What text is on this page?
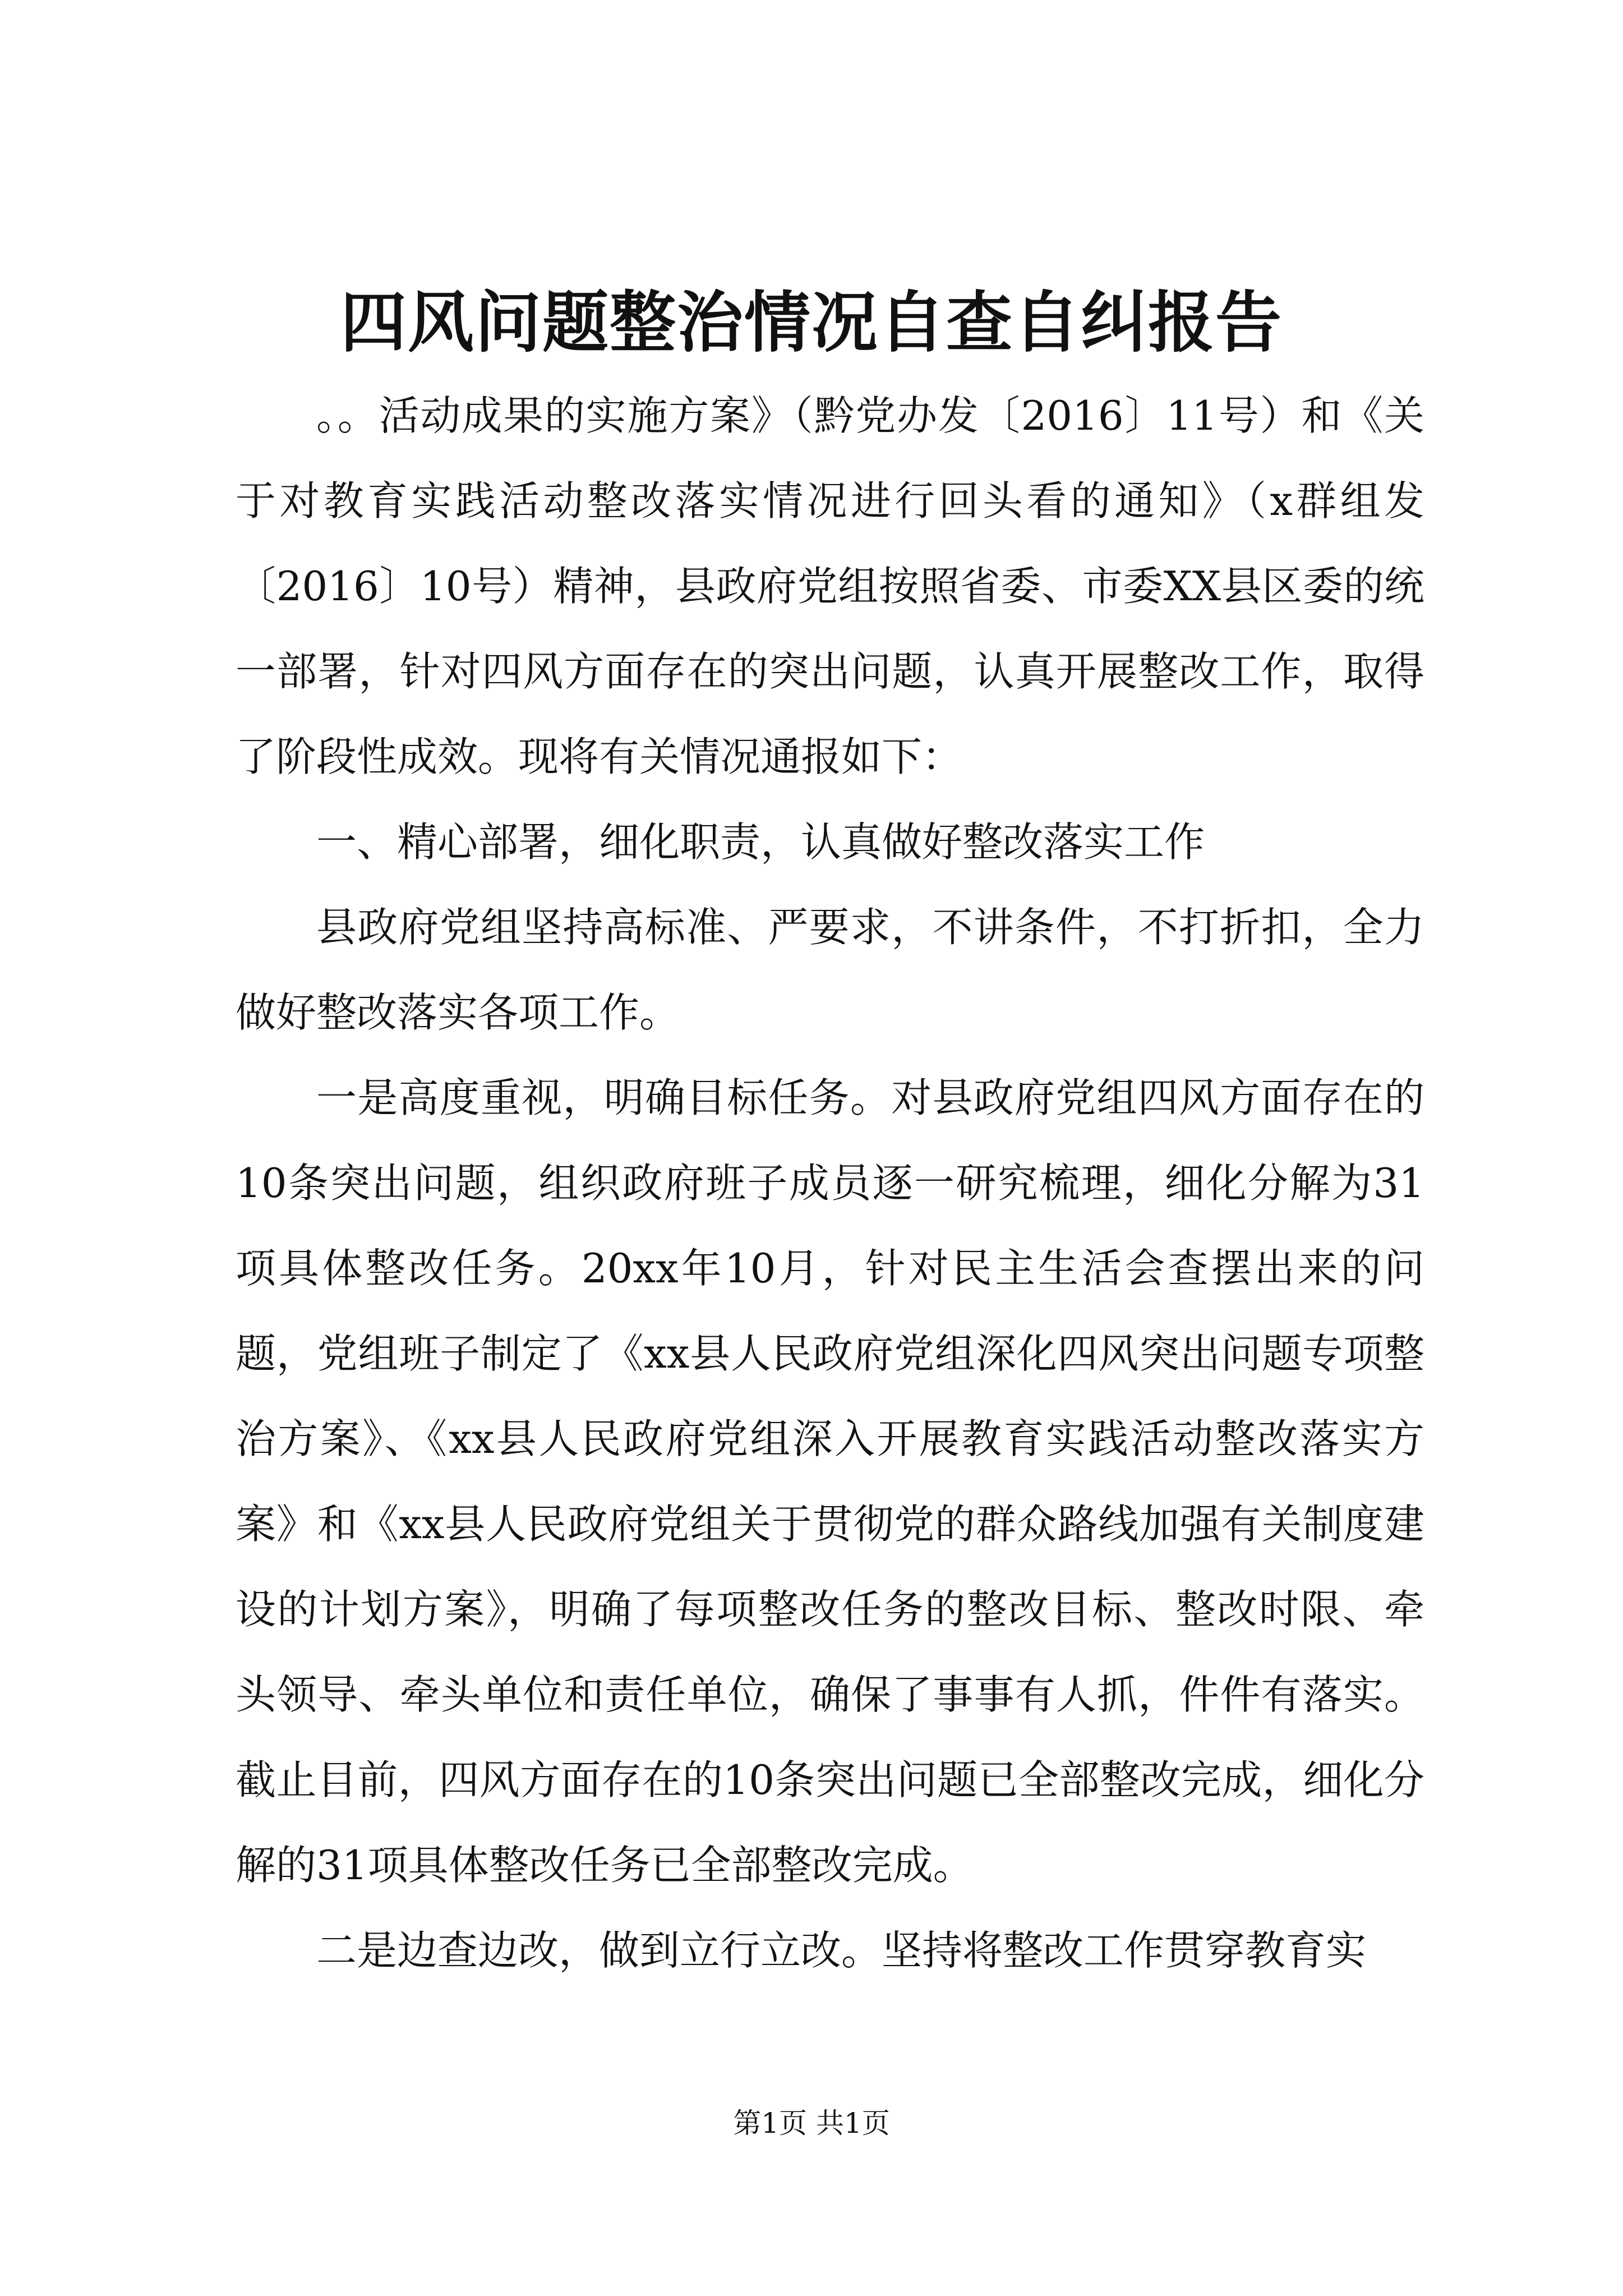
四风问题整治情况自查自纠报告

。。活动成果的实施方案》（黔党办发〔2016〕11号）和《关于对教育实践活动整改落实情况进行回头看的通知》（x群组发〔2016〕10号）精神，县政府党组按照省委、市委XX县区委的统一部署，针对四风方面存在的突出问题，认真开展整改工作，取得了阶段性成效。现将有关情况通报如下：

一、精心部署，细化职责，认真做好整改落实工作

县政府党组坚持高标准、严要求，不讲条件，不打折扣，全力做好整改落实各项工作。

一是高度重视，明确目标任务。对县政府党组四风方面存在的10条突出问题，组织政府班子成员逐一研究梳理，细化分解为31项具体整改任务。20xx年10月，针对民主生活会查摆出来的问题，党组班子制定了《xx县人民政府党组深化四风突出问题专项整治方案》、《xx县人民政府党组深入开展教育实践活动整改落实方案》和《xx县人民政府党组关于贯彻党的群众路线加强有关制度建设的计划方案》，明确了每项整改任务的整改目标、整改时限、牵头领导、牵头单位和责任单位，确保了事事有人抓，件件有落实。截止目前，四风方面存在的10条突出问题已全部整改完成，细化分解的31项具体整改任务已全部整改完成。

二是边查边改，做到立行立改。坚持将整改工作贯穿教育实

第1页 共1页
